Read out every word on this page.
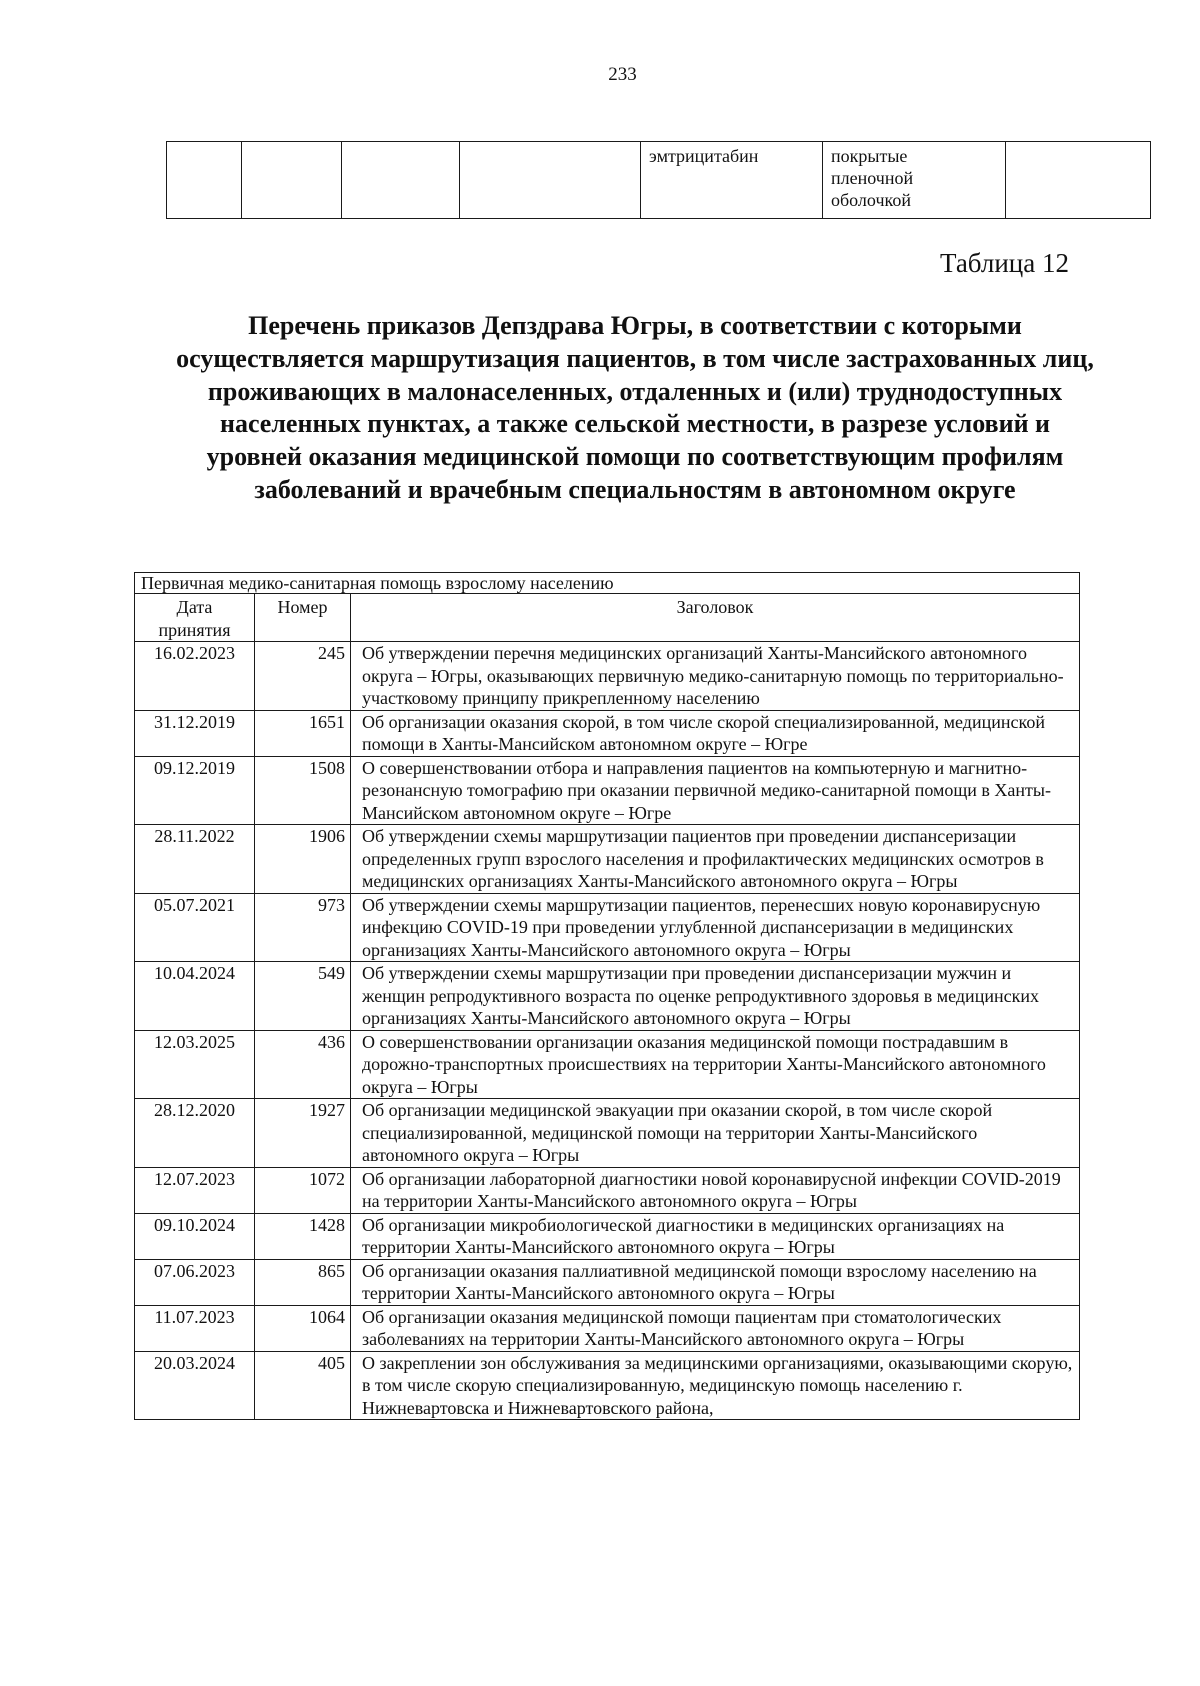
233
				эмтрицитабин	покрытые пленочной оболочкой	
Таблица 12
Перечень приказов Депздрава Югры, в соответствии с которыми осуществляется маршрутизация пациентов, в том числе застрахованных лиц, проживающих в малонаселенных, отдаленных и (или) труднодоступных населенных пунктах, а также сельской местности, в разрезе условий и уровней оказания медицинской помощи по соответствующим профилям заболеваний и врачебным специальностям в автономном округе
Первичная медико-санитарная помощь взрослому населению		
Дата принятия	Номер	Заголовок
16.02.2023	245	Об утверждении перечня медицинских организаций Ханты-Мансийского автономного округа – Югры, оказывающих первичную медико-санитарную помощь по территориально-участковому принципу прикрепленному населению
31.12.2019	1651	Об организации оказания скорой, в том числе скорой специализированной, медицинской помощи в Ханты-Мансийском автономном округе – Югре
09.12.2019	1508	О совершенствовании отбора и направления пациентов на компьютерную и магнитно-резонансную томографию при оказании первичной медико-санитарной помощи в Ханты-Мансийском автономном округе – Югре
28.11.2022	1906	Об утверждении схемы маршрутизации пациентов при проведении диспансеризации определенных групп взрослого населения и профилактических медицинских осмотров в медицинских организациях Ханты-Мансийского автономного округа – Югры
05.07.2021	973	Об утверждении схемы маршрутизации пациентов, перенесших новую коронавирусную инфекцию COVID-19 при проведении углубленной диспансеризации в медицинских организациях Ханты-Мансийского автономного округа – Югры
10.04.2024	549	Об утверждении схемы маршрутизации при проведении диспансеризации мужчин и женщин репродуктивного возраста по оценке репродуктивного здоровья в медицинских организациях Ханты-Мансийского автономного округа – Югры
12.03.2025	436	О совершенствовании организации оказания медицинской помощи пострадавшим в дорожно-транспортных происшествиях на территории Ханты-Мансийского автономного округа – Югры
28.12.2020	1927	Об организации медицинской эвакуации при оказании скорой, в том числе скорой специализированной, медицинской помощи на территории Ханты-Мансийского автономного округа – Югры
12.07.2023	1072	Об организации лабораторной диагностики новой коронавирусной инфекции COVID-2019 на территории Ханты-Мансийского автономного округа – Югры
09.10.2024	1428	Об организации микробиологической диагностики в медицинских организациях на территории Ханты-Мансийского автономного округа – Югры
07.06.2023	865	Об организации оказания паллиативной медицинской помощи взрослому населению на территории Ханты-Мансийского автономного округа – Югры
11.07.2023	1064	Об организации оказания медицинской помощи пациентам при стоматологических заболеваниях на территории Ханты-Мансийского автономного округа – Югры
20.03.2024	405	О закреплении зон обслуживания за медицинскими организациями, оказывающими скорую, в том числе скорую специализированную, медицинскую помощь населению г. Нижневартовска и Нижневартовского района,
